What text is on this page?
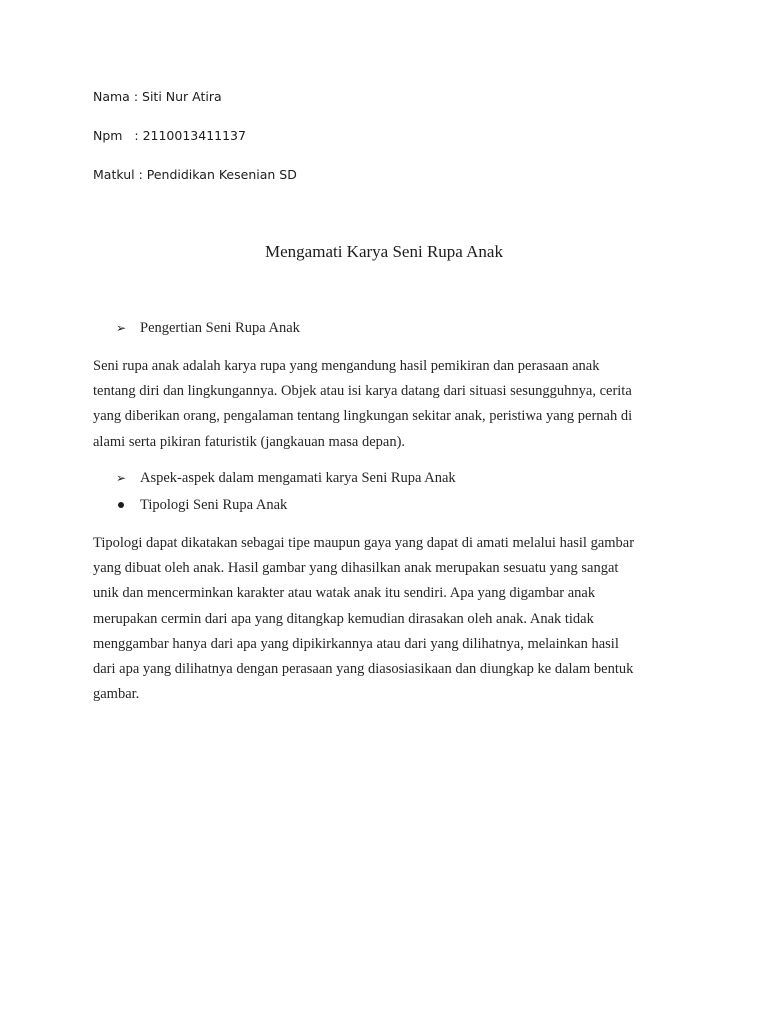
Nama : Siti Nur Atira
Npm   : 2110013411137
Matkul : Pendidikan Kesenian SD
Mengamati Karya Seni Rupa Anak
➢ Pengertian Seni Rupa Anak
Seni rupa anak adalah karya rupa yang mengandung hasil pemikiran dan perasaan anak
tentang diri dan lingkungannya. Objek atau isi karya datang dari situasi sesungguhnya, cerita
yang diberikan orang, pengalaman tentang lingkungan sekitar anak, peristiwa yang pernah di
alami serta pikiran faturistik (jangkauan masa depan).
➢ Aspek-aspek dalam mengamati karya Seni Rupa Anak
Tipologi Seni Rupa Anak
Tipologi dapat dikatakan sebagai tipe maupun gaya yang dapat di amati melalui hasil gambar
yang dibuat oleh anak. Hasil gambar yang dihasilkan anak merupakan sesuatu yang sangat
unik dan mencerminkan karakter atau watak anak itu sendiri. Apa yang digambar anak
merupakan cermin dari apa yang ditangkap kemudian dirasakan oleh anak. Anak tidak
menggambar hanya dari apa yang dipikirkannya atau dari yang dilihatnya, melainkan hasil
dari apa yang dilihatnya dengan perasaan yang diasosiasikaan dan diungkap ke dalam bentuk
gambar.
